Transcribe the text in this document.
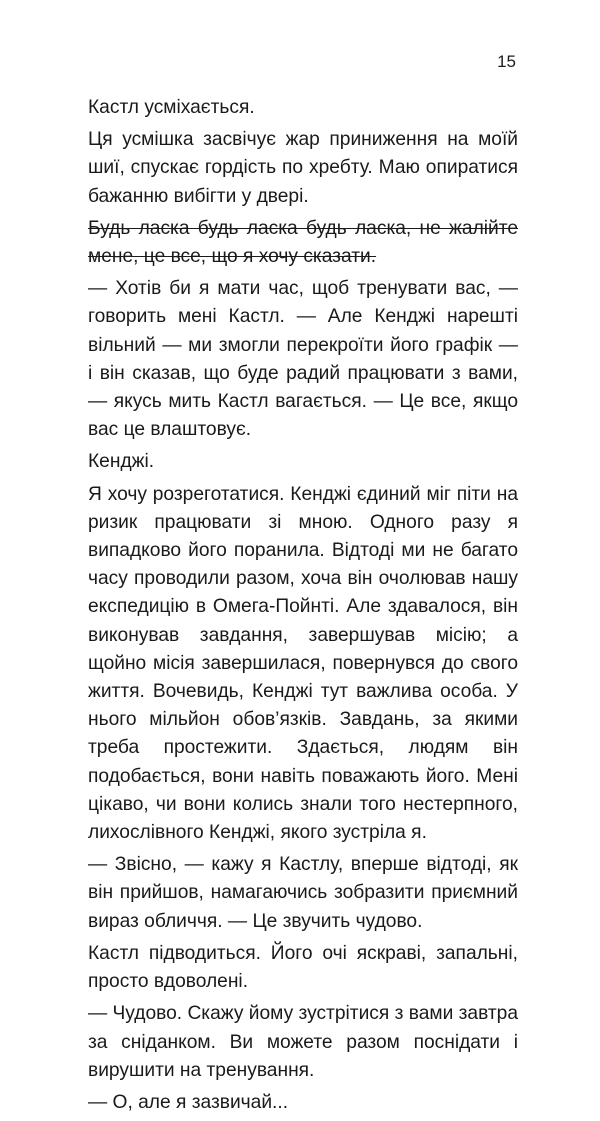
15

Кастл усміхається.

Ця усмішка засвічує жар приниження на моїй шиї, спускає гордість по хребту. Маю опиратися бажанню вибігти у двері.

Будь ласка будь ласка будь ласка, не жалійте мене, це все, що я хочу сказати.

— Хотів би я мати час, щоб тренувати вас, — говорить мені Кастл. — Але Кенджі нарешті вільний — ми змогли перекроїти його графік — і він сказав, що буде радий працювати з вами, — якусь мить Кастл вагається. — Це все, якщо вас це влаштовує.

Кенджі.

Я хочу розреготатися. Кенджі єдиний міг піти на ризик працювати зі мною. Одного разу я випадково його поранила. Відтоді ми не багато часу проводили разом, хоча він очолював нашу експедицію в Омега-Пойнті. Але здавалося, він виконував завдання, завершував місію; а щойно місія завершилася, повернувся до свого життя. Вочевидь, Кенджі тут важлива особа. У нього мільйон обов’язків. Завдань, за якими треба простежити. Здається, людям він подобається, вони навіть поважають його. Мені цікаво, чи вони колись знали того нестерпного, лихослівного Кенджі, якого зустріла я.

— Звісно, — кажу я Кастлу, вперше відтоді, як він прийшов, намагаючись зобразити приємний вираз обличчя. — Це звучить чудово.

Кастл підводиться. Його очі яскраві, запальні, просто вдоволені.

— Чудово. Скажу йому зустрітися з вами завтра за сніданком. Ви можете разом поснідати і вирушити на тренування.

— О, але я зазвичай...
